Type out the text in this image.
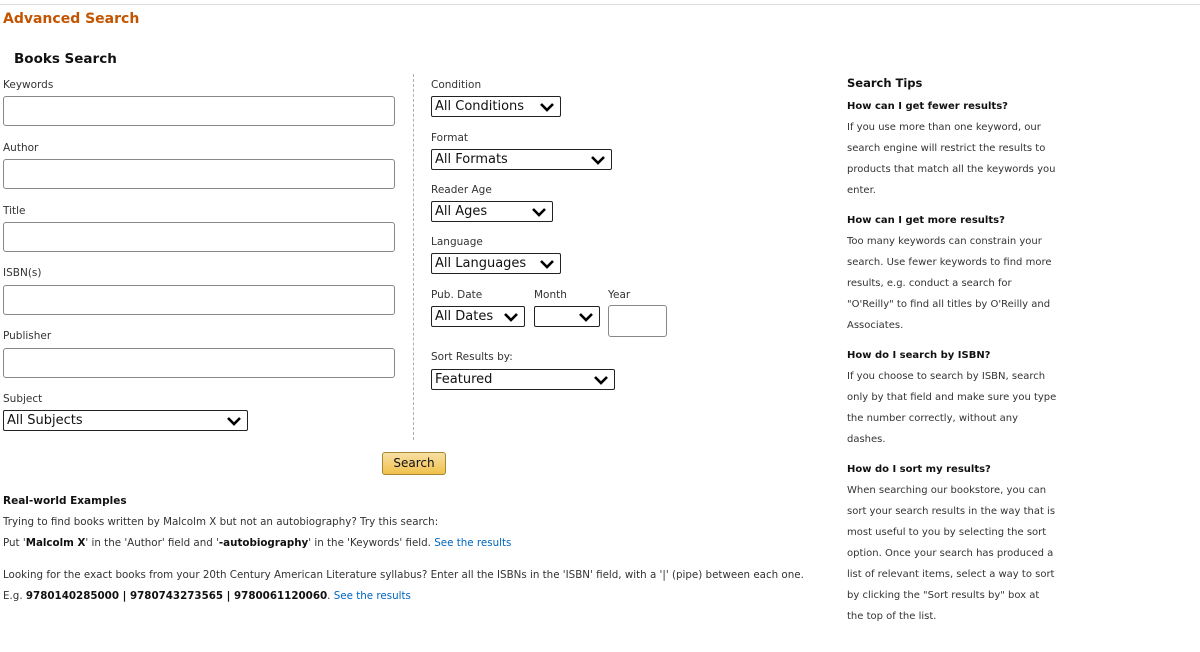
Advanced Search
Books Search
Keywords
Author
Title
ISBN(s)
Publisher
Subject
All Subjects
Condition
All Conditions
Format
All Formats
Reader Age
All Ages
Language
All Languages
Pub. Date	Month	Year
All Dates
Sort Results by:
Featured
Search
Real-world Examples
Trying to find books written by Malcolm X but not an autobiography? Try this search:
Put 'Malcolm X' in the 'Author' field and '-autobiography' in the 'Keywords' field. See the results
Looking for the exact books from your 20th Century American Literature syllabus? Enter all the ISBNs in the 'ISBN' field, with a '|' (pipe) between each one.
E.g. 9780140285000 | 9780743273565 | 9780061120060. See the results
Search Tips
How can I get fewer results?
If you use more than one keyword, our search engine will restrict the results to products that match all the keywords you enter.
How can I get more results?
Too many keywords can constrain your search. Use fewer keywords to find more results, e.g. conduct a search for "O'Reilly" to find all titles by O'Reilly and Associates.
How do I search by ISBN?
If you choose to search by ISBN, search only by that field and make sure you type the number correctly, without any dashes.
How do I sort my results?
When searching our bookstore, you can sort your search results in the way that is most useful to you by selecting the sort option. Once your search has produced a list of relevant items, select a way to sort by clicking the "Sort results by" box at the top of the list.
